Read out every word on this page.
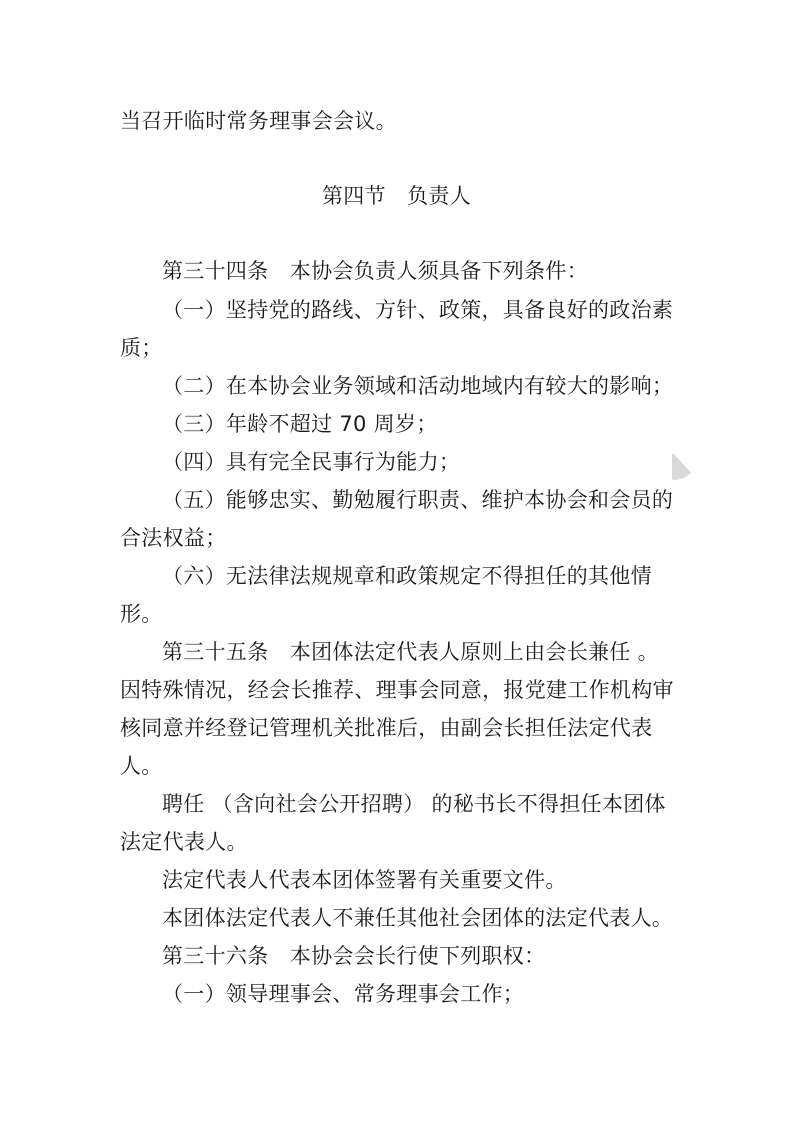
当召开临时常务理事会会议。
第四节　负责人
第三十四条　本协会负责人须具备下列条件：
（一）坚持党的路线、方针、政策，具备良好的政治素
质；
（二）在本协会业务领域和活动地域内有较大的影响；
（三）年龄不超过 70 周岁；
（四）具有完全民事行为能力；
（五）能够忠实、勤勉履行职责、维护本协会和会员的
合法权益；
（六）无法律法规规章和政策规定不得担任的其他情
形。
第三十五条　本团体法定代表人原则上由会长兼任 。
因特殊情况，经会长推荐、理事会同意，报党建工作机构审
核同意并经登记管理机关批准后，由副会长担任法定代表
人。
聘任 （含向社会公开招聘） 的秘书长不得担任本团体
法定代表人。
法定代表人代表本团体签署有关重要文件。
本团体法定代表人不兼任其他社会团体的法定代表人。
第三十六条　本协会会长行使下列职权：
（一）领导理事会、常务理事会工作；
